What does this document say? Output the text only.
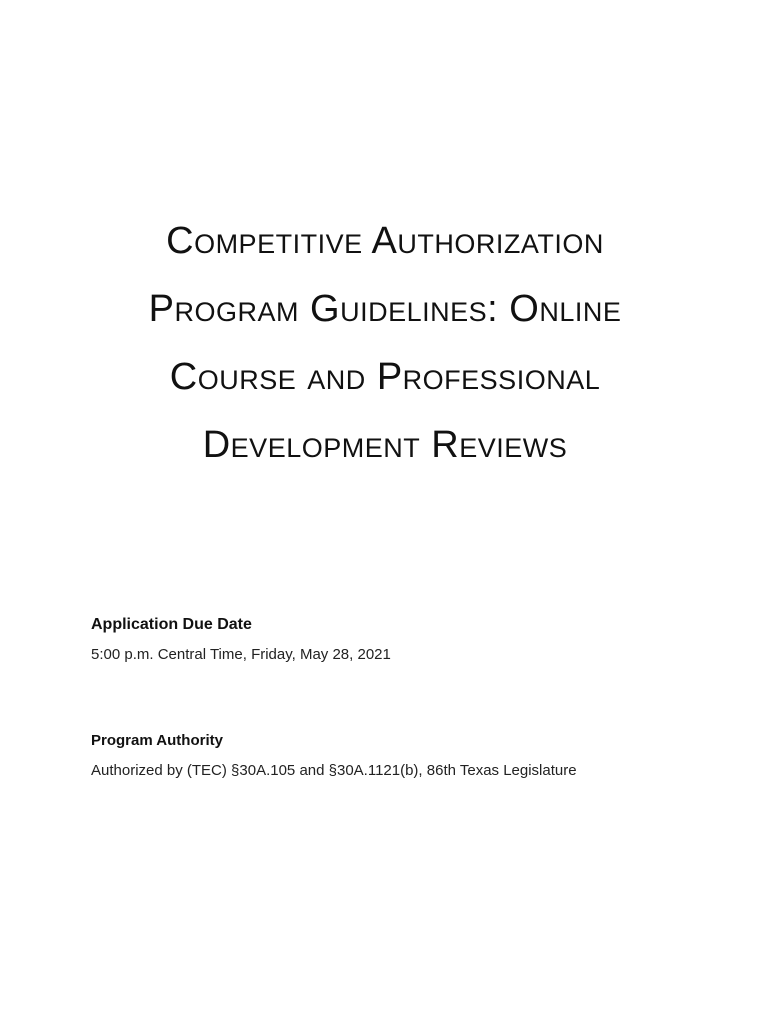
Competitive Authorization

Program Guidelines: Online

Course and Professional

Development Reviews

Application Due Date

5:00 p.m. Central Time, Friday, May 28, 2021

Program Authority

Authorized by (TEC) §30A.105 and §30A.1121(b), 86th Texas Legislature
